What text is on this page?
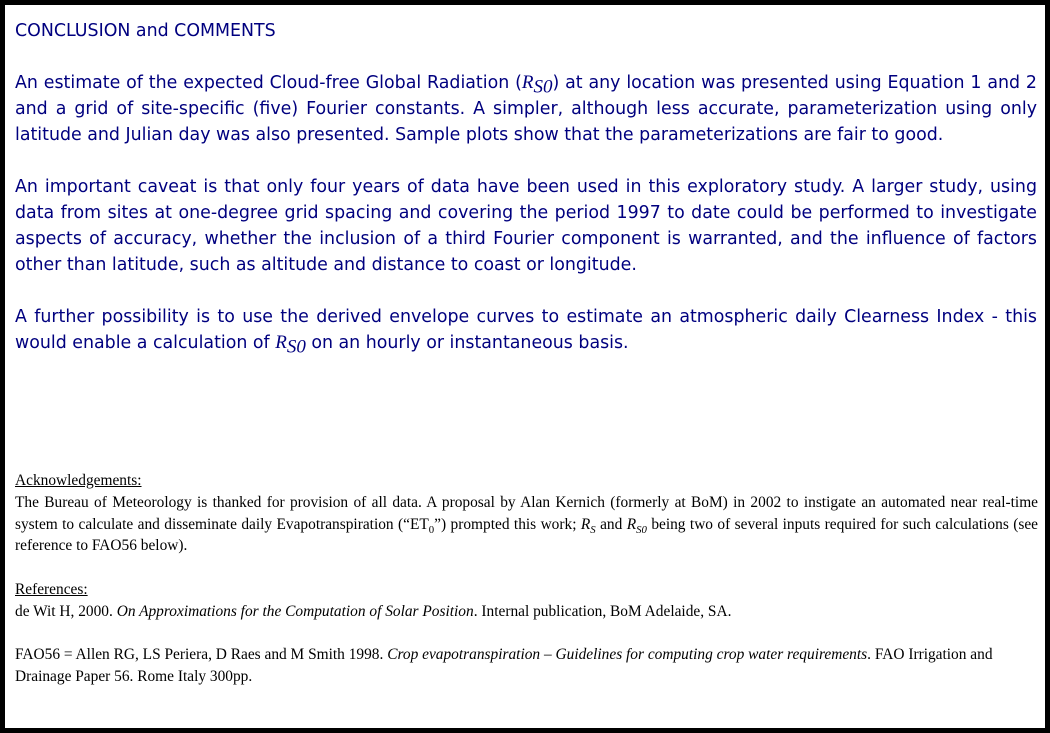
CONCLUSION and COMMENTS

An estimate of the expected Cloud-free Global Radiation $(R_{S0})$ at any location was presented using Equation 1 and 2 and a grid of site-specific (five) Fourier constants. A simpler, although less accurate, parameterization using only latitude and Julian day was also presented. Sample plots show that the parameterizations are fair to good.

An important caveat is that only four years of data have been used in this exploratory study. A larger study, using data from sites at one-degree grid spacing and covering the period 1997 to date could be performed to investigate aspects of accuracy, whether the inclusion of a third Fourier component is warranted, and the influence of factors other than latitude, such as altitude and distance to coast or longitude.

A further possibility is to use the derived envelope curves to estimate an atmospheric daily Clearness Index - this would enable a calculation of $R_{S0}$ on an hourly or instantaneous basis.

Acknowledgements:

The Bureau of Meteorology is thanked for provision of all data. A proposal by Alan Kernich (formerly at BoM) in 2002 to instigate an automated near real-time system to calculate and disseminate daily Evapotranspiration $(“ET_0”)$ prompted this work; $R_S$ and $R_{S0}$ being two of several inputs required for such calculations (see reference to FAO56 below).

References:

de Wit H, 2000. On Approximations for the Computation of Solar Position. Internal publication, BoM Adelaide, SA.

FAO56 = Allen RG, LS Periera, D Raes and M Smith 1998. Crop evapotranspiration – Guidelines for computing crop water requirements. FAO Irrigation and Drainage Paper 56. Rome Italy 300pp.
